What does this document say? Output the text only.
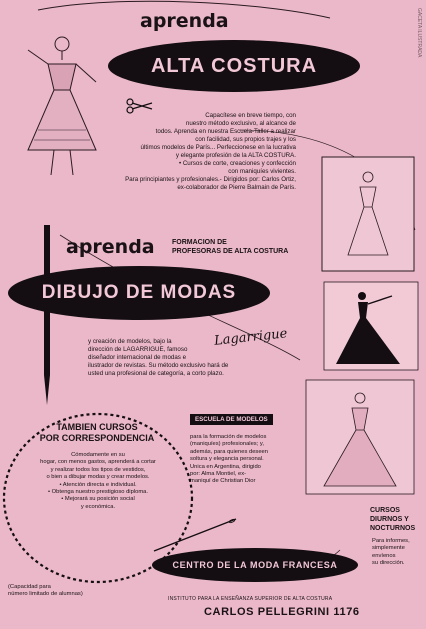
GACETA ILUSTRADA
aprenda
ALTA COSTURA
Capacítese en breve tiempo, con
nuestro método exclusivo, al alcance de
todos. Aprenda en nuestra Escuela-Taller a realizar
con facilidad, sus propios trajes y los
últimos modelos de París... Perfeccionese en la lucrativa
y elegante profesión de la ALTA COSTURA.
• Cursos de corte, creaciones y confección
con maniquíes vivientes.
Para principiantes y profesionales.- Dirigidos por: Carlos Ortiz,
ex-colaborador de Pierre Balmain de París.
FORMACION DE
PROFESORAS DE ALTA COSTURA
aprenda
DIBUJO DE MODAS
y creación de modelos, bajo la
dirección de LAGARRIGUE, famoso
diseñador internacional de modas e
ilustrador de revistas. Su método exclusivo hará de
usted una profesional de categoría, a corto plazo.
Lagarrigue
TAMBIEN CURSOS
POR CORRESPONDENCIA
Cómodamente en su
hogar, con menos gastos, aprenderá a cortar
y realizar todos los tipos de vestidos,
o bien a dibujar modas y crear modelos.
• Atención directa e individual.
• Obtenga nuestro prestigioso diploma.
• Mejorará su posición social
y económica.
ESCUELA DE MODELOS
para la formación de modelos
(maniquíes) profesionales; y,
además, para quienes deseen
soltura y elegancia personal.
Unica en Argentina, dirigido
por: Alma Montiel, ex-
maniquí de Christian Dior
CURSOS
DIURNOS Y
NOCTURNOS
Para informes,
simplemente
envíenos
su dirección.
CENTRO DE LA MODA FRANCESA
(Capacidad para
número limitado de alumnas)
INSTITUTO PARA LA ENSEÑANZA SUPERIOR DE ALTA COSTURA
CARLOS PELLEGRINI 1176
